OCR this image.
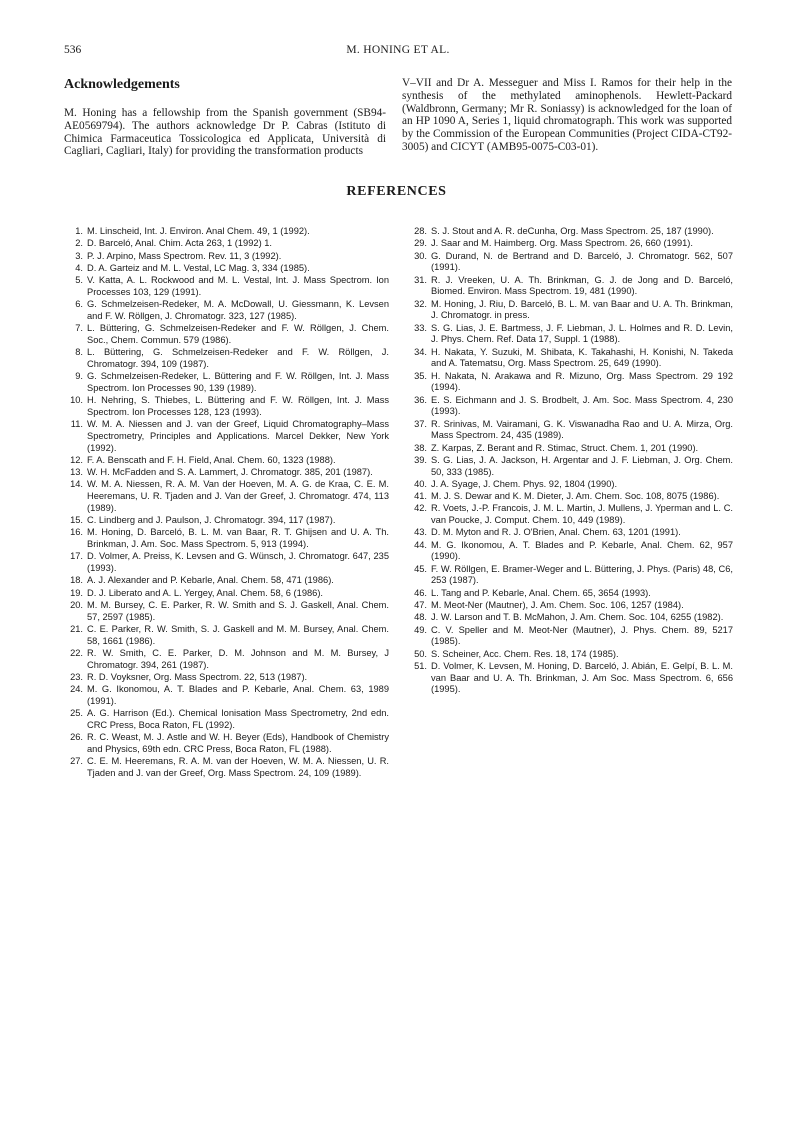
536	M. HONING ET AL.
Acknowledgements

M. Honing has a fellowship from the Spanish government (SB94-AE0569794). The authors acknowledge Dr P. Cabras (Istituto di Chimica Farmaceutica Tossicologica ed Applicata, Università di Cagliari, Cagliari, Italy) for providing the transformation products

V–VII and Dr A. Messeguer and Miss I. Ramos for their help in the synthesis of the methylated aminophenols. Hewlett-Packard (Waldbronn, Germany; Mr R. Soniassy) is acknowledged for the loan of an HP 1090 A, Series 1, liquid chromatograph. This work was supported by the Commission of the European Communities (Project CIDA-CT92-3005) and CICYT (AMB95-0075-C03-01).

REFERENCES
1. M. Linscheid, Int. J. Environ. Anal Chem. 49, 1 (1992).
2. D. Barceló, Anal. Chim. Acta 263, 1 (1992) 1.
3. P. J. Arpino, Mass Spectrom. Rev. 11, 3 (1992).
4. D. A. Garteiz and M. L. Vestal, LC Mag. 3, 334 (1985).
5. V. Katta, A. L. Rockwood and M. L. Vestal, Int. J. Mass Spectrom. Ion Processes 103, 129 (1991).
6. G. Schmelzeisen-Redeker, M. A. McDowall, U. Giessmann, K. Levsen and F. W. Röllgen, J. Chromatogr. 323, 127 (1985).
7. L. Büttering, G. Schmelzeisen-Redeker and F. W. Röllgen, J. Chem. Soc., Chem. Commun. 579 (1986).
8. L. Büttering, G. Schmelzeisen-Redeker and F. W. Röllgen, J. Chromatogr. 394, 109 (1987).
9. G. Schmelzeisen-Redeker, L. Büttering and F. W. Röllgen, Int. J. Mass Spectrom. Ion Processes 90, 139 (1989).
10. H. Nehring, S. Thiebes, L. Büttering and F. W. Röllgen, Int. J. Mass Spectrom. Ion Processes 128, 123 (1993).
11. W. M. A. Niessen and J. van der Greef, Liquid Chromatography–Mass Spectrometry, Principles and Applications. Marcel Dekker, New York (1992).
12. F. A. Benscath and F. H. Field, Anal. Chem. 60, 1323 (1988).
13. W. H. McFadden and S. A. Lammert, J. Chromatogr. 385, 201 (1987).
14. W. M. A. Niessen, R. A. M. Van der Hoeven, M. A. G. de Kraa, C. E. M. Heeremans, U. R. Tjaden and J. Van der Greef, J. Chromatogr. 474, 113 (1989).
15. C. Lindberg and J. Paulson, J. Chromatogr. 394, 117 (1987).
16. M. Honing, D. Barceló, B. L. M. van Baar, R. T. Ghijsen and U. A. Th. Brinkman, J. Am. Soc. Mass Spectrom. 5, 913 (1994).
17. D. Volmer, A. Preiss, K. Levsen and G. Wünsch, J. Chromatogr. 647, 235 (1993).
18. A. J. Alexander and P. Kebarle, Anal. Chem. 58, 471 (1986).
19. D. J. Liberato and A. L. Yergey, Anal. Chem. 58, 6 (1986).
20. M. M. Bursey, C. E. Parker, R. W. Smith and S. J. Gaskell, Anal. Chem. 57, 2597 (1985).
21. C. E. Parker, R. W. Smith, S. J. Gaskell and M. M. Bursey, Anal. Chem. 58, 1661 (1986).
22. R. W. Smith, C. E. Parker, D. M. Johnson and M. M. Bursey, J Chromatogr. 394, 261 (1987).
23. R. D. Voyksner, Org. Mass Spectrom. 22, 513 (1987).
24. M. G. Ikonomou, A. T. Blades and P. Kebarle, Anal. Chem. 63, 1989 (1991).
25. A. G. Harrison (Ed.). Chemical Ionisation Mass Spectrometry, 2nd edn. CRC Press, Boca Raton, FL (1992).
26. R. C. Weast, M. J. Astle and W. H. Beyer (Eds), Handbook of Chemistry and Physics, 69th edn. CRC Press, Boca Raton, FL (1988).
27. C. E. M. Heeremans, R. A. M. van der Hoeven, W. M. A. Niessen, U. R. Tjaden and J. van der Greef, Org. Mass Spectrom. 24, 109 (1989).
28. S. J. Stout and A. R. deCunha, Org. Mass Spectrom. 25, 187 (1990).
29. J. Saar and M. Haimberg. Org. Mass Spectrom. 26, 660 (1991).
30. G. Durand, N. de Bertrand and D. Barceló, J. Chromatogr. 562, 507 (1991).
31. R. J. Vreeken, U. A. Th. Brinkman, G. J. de Jong and D. Barceló, Biomed. Environ. Mass Spectrom. 19, 481 (1990).
32. M. Honing, J. Riu, D. Barceló, B. L. M. van Baar and U. A. Th. Brinkman, J. Chromatogr. in press.
33. S. G. Lias, J. E. Bartmess, J. F. Liebman, J. L. Holmes and R. D. Levin, J. Phys. Chem. Ref. Data 17, Suppl. 1 (1988).
34. H. Nakata, Y. Suzuki, M. Shibata, K. Takahashi, H. Konishi, N. Takeda and A. Tatematsu, Org. Mass Spectrom. 25, 649 (1990).
35. H. Nakata, N. Arakawa and R. Mizuno, Org. Mass Spectrom. 29 192 (1994).
36. E. S. Eichmann and J. S. Brodbelt, J. Am. Soc. Mass Spectrom. 4, 230 (1993).
37. R. Srinivas, M. Vairamani, G. K. Viswanadha Rao and U. A. Mirza, Org. Mass Spectrom. 24, 435 (1989).
38. Z. Karpas, Z. Berant and R. Stimac, Struct. Chem. 1, 201 (1990).
39. S. G. Lias, J. A. Jackson, H. Argentar and J. F. Liebman, J. Org. Chem. 50, 333 (1985).
40. J. A. Syage, J. Chem. Phys. 92, 1804 (1990).
41. M. J. S. Dewar and K. M. Dieter, J. Am. Chem. Soc. 108, 8075 (1986).
42. R. Voets, J.-P. Francois, J. M. L. Martin, J. Mullens, J. Yperman and L. C. van Poucke, J. Comput. Chem. 10, 449 (1989).
43. D. M. Myton and R. J. O'Brien, Anal. Chem. 63, 1201 (1991).
44. M. G. Ikonomou, A. T. Blades and P. Kebarle, Anal. Chem. 62, 957 (1990).
45. F. W. Röllgen, E. Bramer-Weger and L. Büttering, J. Phys. (Paris) 48, C6, 253 (1987).
46. L. Tang and P. Kebarle, Anal. Chem. 65, 3654 (1993).
47. M. Meot-Ner (Mautner), J. Am. Chem. Soc. 106, 1257 (1984).
48. J. W. Larson and T. B. McMahon, J. Am. Chem. Soc. 104, 6255 (1982).
49. C. V. Speller and M. Meot-Ner (Mautner), J. Phys. Chem. 89, 5217 (1985).
50. S. Scheiner, Acc. Chem. Res. 18, 174 (1985).
51. D. Volmer, K. Levsen, M. Honing, D. Barceló, J. Abián, E. Gelpí, B. L. M. van Baar and U. A. Th. Brinkman, J. Am Soc. Mass Spectrom. 6, 656 (1995).
